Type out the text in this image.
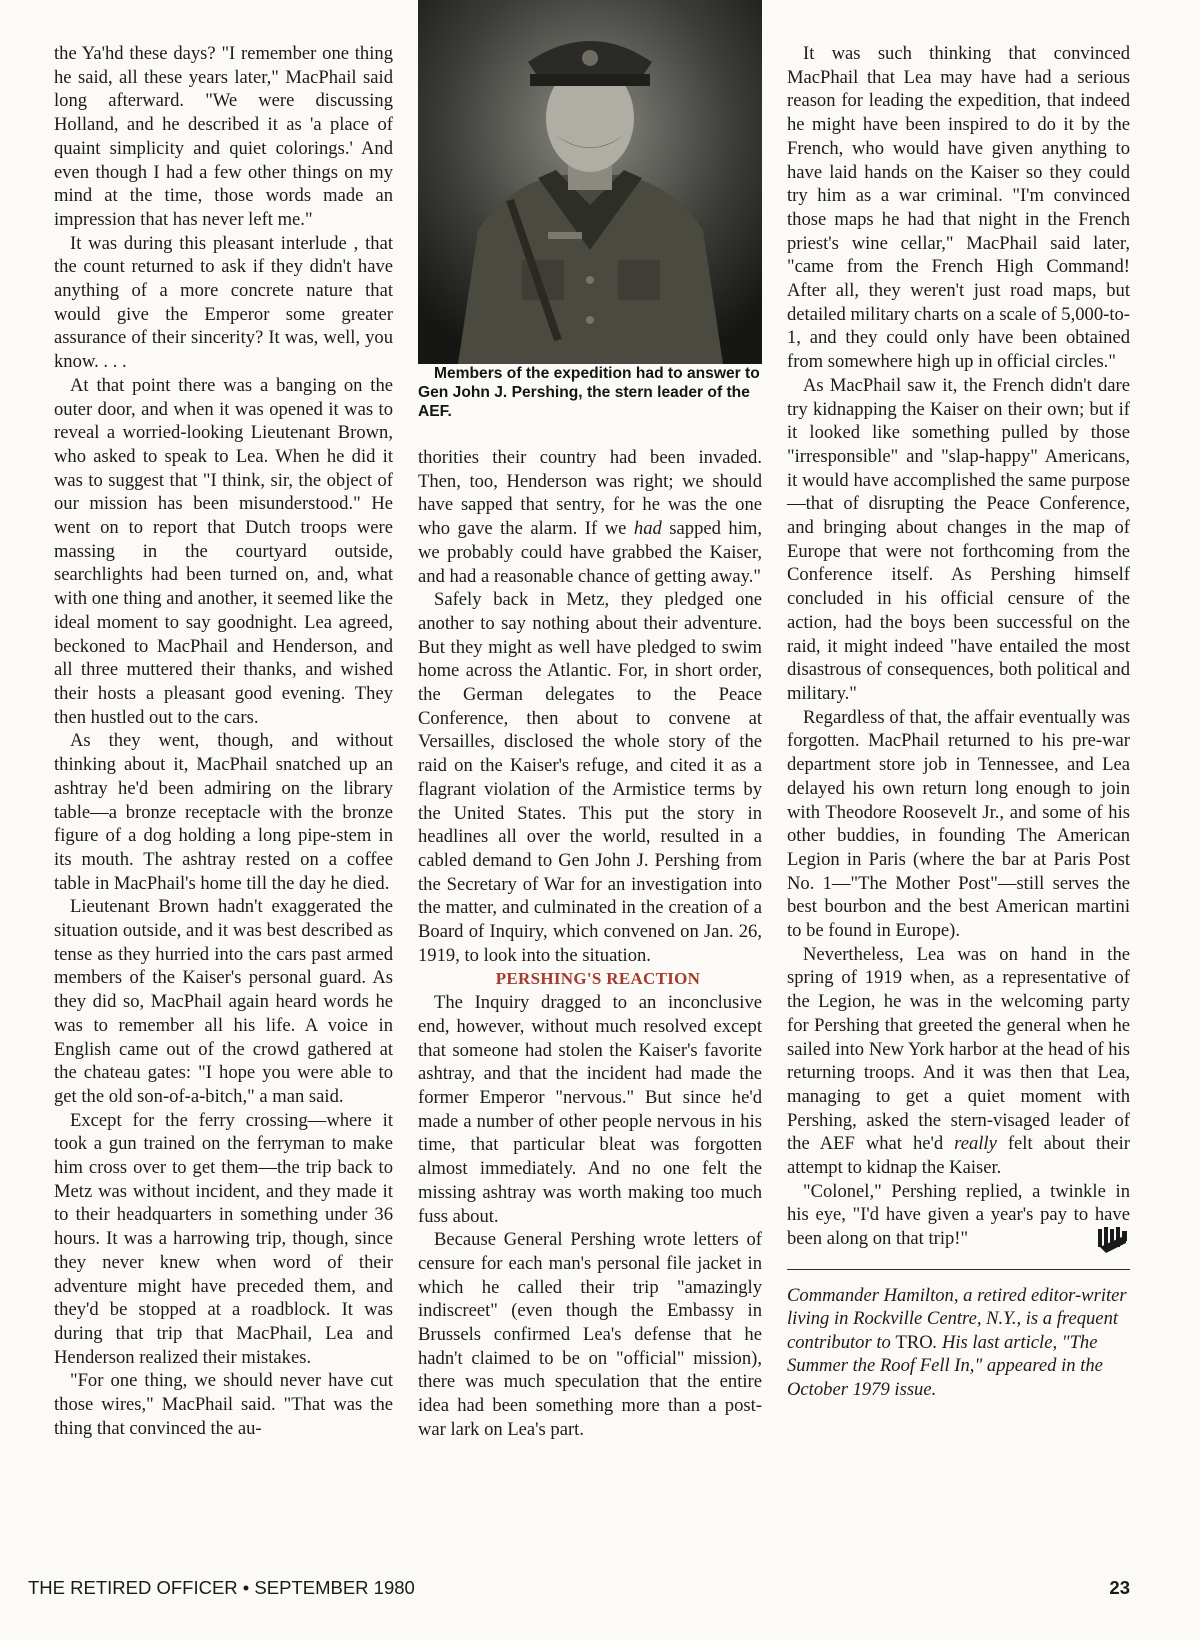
the Ya'hd these days? "I remember one thing he said, all these years later," MacPhail said long afterward. "We were discussing Holland, and he described it as 'a place of quaint simplicity and quiet colorings.' And even though I had a few other things on my mind at the time, those words made an impression that has never left me."

It was during this pleasant interlude , that the count returned to ask if they didn't have anything of a more concrete nature that would give the Emperor some greater assurance of their sincerity? It was, well, you know. . . .

At that point there was a banging on the outer door, and when it was opened it was to reveal a worried-looking Lieutenant Brown, who asked to speak to Lea. When he did it was to suggest that "I think, sir, the object of our mission has been misunderstood." He went on to report that Dutch troops were massing in the courtyard outside, searchlights had been turned on, and, what with one thing and another, it seemed like the ideal moment to say goodnight. Lea agreed, beckoned to MacPhail and Henderson, and all three muttered their thanks, and wished their hosts a pleasant good evening. They then hustled out to the cars.

As they went, though, and without thinking about it, MacPhail snatched up an ashtray he'd been admiring on the library table—a bronze receptacle with the bronze figure of a dog holding a long pipe-stem in its mouth. The ashtray rested on a coffee table in MacPhail's home till the day he died.

Lieutenant Brown hadn't exaggerated the situation outside, and it was best described as tense as they hurried into the cars past armed members of the Kaiser's personal guard. As they did so, MacPhail again heard words he was to remember all his life. A voice in English came out of the crowd gathered at the chateau gates: "I hope you were able to get the old son-of-a-bitch," a man said.

Except for the ferry crossing—where it took a gun trained on the ferryman to make him cross over to get them—the trip back to Metz was without incident, and they made it to their headquarters in something under 36 hours. It was a harrowing trip, though, since they never knew when word of their adventure might have preceded them, and they'd be stopped at a roadblock. It was during that trip that MacPhail, Lea and Henderson realized their mistakes.

"For one thing, we should never have cut those wires," MacPhail said. "That was the thing that convinced the au-

Members of the expedition had to answer to Gen John J. Pershing, the stern leader of the AEF.

thorities their country had been invaded. Then, too, Henderson was right; we should have sapped that sentry, for he was the one who gave the alarm. If we had sapped him, we probably could have grabbed the Kaiser, and had a reasonable chance of getting away."

Safely back in Metz, they pledged one another to say nothing about their adventure. But they might as well have pledged to swim home across the Atlantic. For, in short order, the German delegates to the Peace Conference, then about to convene at Versailles, disclosed the whole story of the raid on the Kaiser's refuge, and cited it as a flagrant violation of the Armistice terms by the United States. This put the story in headlines all over the world, resulted in a cabled demand to Gen John J. Pershing from the Secretary of War for an investigation into the matter, and culminated in the creation of a Board of Inquiry, which convened on Jan. 26, 1919, to look into the situation.

PERSHING'S REACTION

The Inquiry dragged to an inconclusive end, however, without much resolved except that someone had stolen the Kaiser's favorite ashtray, and that the incident had made the former Emperor "nervous." But since he'd made a number of other people nervous in his time, that particular bleat was forgotten almost immediately. And no one felt the missing ashtray was worth making too much fuss about.

Because General Pershing wrote letters of censure for each man's personal file jacket in which he called their trip "amazingly indiscreet" (even though the Embassy in Brussels confirmed Lea's defense that he hadn't claimed to be on "official" mission), there was much speculation that the entire idea had been something more than a post-war lark on Lea's part.

It was such thinking that convinced MacPhail that Lea may have had a serious reason for leading the expedition, that indeed he might have been inspired to do it by the French, who would have given anything to have laid hands on the Kaiser so they could try him as a war criminal. "I'm convinced those maps he had that night in the French priest's wine cellar," MacPhail said later, "came from the French High Command! After all, they weren't just road maps, but detailed military charts on a scale of 5,000-to-1, and they could only have been obtained from somewhere high up in official circles."

As MacPhail saw it, the French didn't dare try kidnapping the Kaiser on their own; but if it looked like something pulled by those "irresponsible" and "slap-happy" Americans, it would have accomplished the same purpose—that of disrupting the Peace Conference, and bringing about changes in the map of Europe that were not forthcoming from the Conference itself. As Pershing himself concluded in his official censure of the action, had the boys been successful on the raid, it might indeed "have entailed the most disastrous of consequences, both political and military."

Regardless of that, the affair eventually was forgotten. MacPhail returned to his pre-war department store job in Tennessee, and Lea delayed his own return long enough to join with Theodore Roosevelt Jr., and some of his other buddies, in founding The American Legion in Paris (where the bar at Paris Post No. 1—"The Mother Post"—still serves the best bourbon and the best American martini to be found in Europe).

Nevertheless, Lea was on hand in the spring of 1919 when, as a representative of the Legion, he was in the welcoming party for Pershing that greeted the general when he sailed into New York harbor at the head of his returning troops. And it was then that Lea, managing to get a quiet moment with Pershing, asked the stern-visaged leader of the AEF what he'd really felt about their attempt to kidnap the Kaiser.

"Colonel," Pershing replied, a twinkle in his eye, "I'd have given a year's pay to have been along on that trip!"

Commander Hamilton, a retired editor-writer living in Rockville Centre, N.Y., is a frequent contributor to TRO. His last article, "The Summer the Roof Fell In," appeared in the October 1979 issue.

THE RETIRED OFFICER • SEPTEMBER 1980	23
